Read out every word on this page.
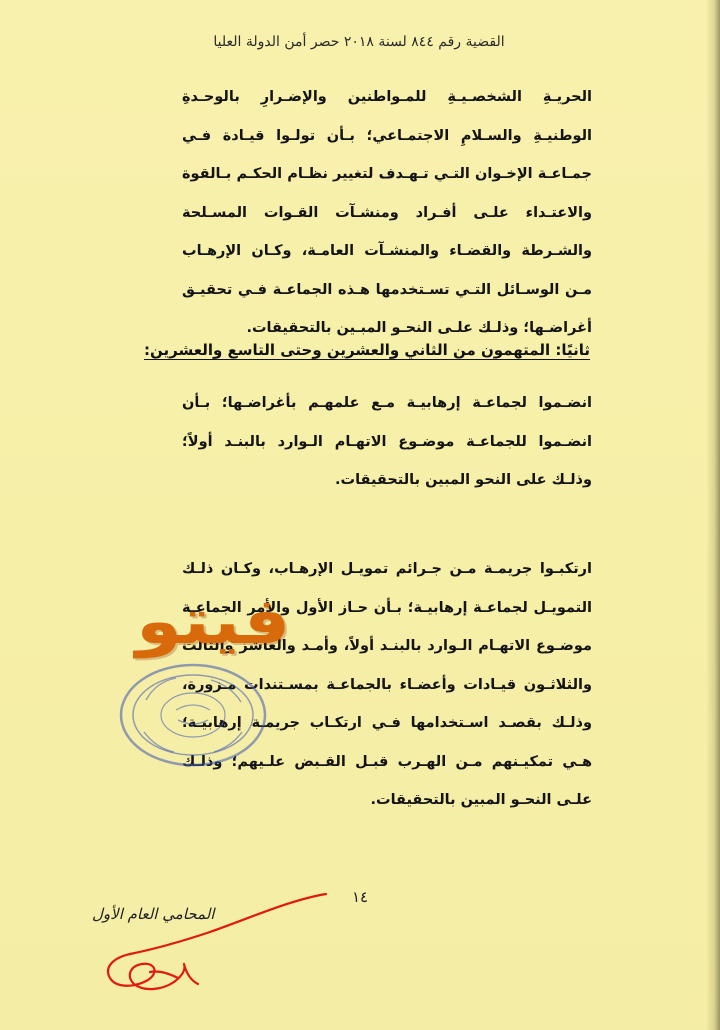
القضية رقم ٨٤٤ لسنة ٢٠١٨ حصر أمن الدولة العليا
الحريـةِ الشخصـيـةِ للمـواطنين والإضـرارِ بالوحـدةِ الوطنيـةِ والسـلامِ الاجتمـاعي؛ بـأن تولـوا قيـادة فـي جمـاعـة الإخـوان التـي تـهـدف لتغيير نظـام الحكـم بـالقوة والاعتـداء علـى أفـراد ومنشـآت القـوات المسـلحة والشـرطة والقضـاء والمنشـآت العامـة، وكـان الإرهـاب مـن الوسـائل التـي تسـتخدمها هـذه الجماعـة فـي تحقيـق أغراضـها؛ وذلـك علـى النحـو المبـين بالتحقيقات.
ثانيًا: المتهمون من الثاني والعشرين وحتى التاسع والعشرين:
انضـموا لجماعـة إرهابيـة مـع علمهـم بأغراضـها؛ بـأن انضـموا للجماعـة موضـوع الاتهـام الـوارد بالبنـد أولاً؛ وذلـك على النحو المبين بالتحقيقات.
ارتكبـوا جريمـة مـن جـرائم تمويـل الإرهـاب، وكـان ذلـك التمويـل لجماعـة إرهابيـة؛ بـأن حـاز الأول والأمر الجماعـة موضـوع الاتهـام الـوارد بالبنـد أولاً، وأمـد والعاشر والثالث والثلاثـون قيـادات وأعضـاء بالجماعـة بمسـتندات مـزورة، وذلـك بقصـد اسـتخدامها فـي ارتكـاب جريمـة إرهابيـة؛ هـي تمكيـنهم مـن الهـرب قبـل القـبض علـيهم؛ وذلـك علـى النحـو المبين بالتحقيقات.
فيتو
١٤
المحامي العام الأول
